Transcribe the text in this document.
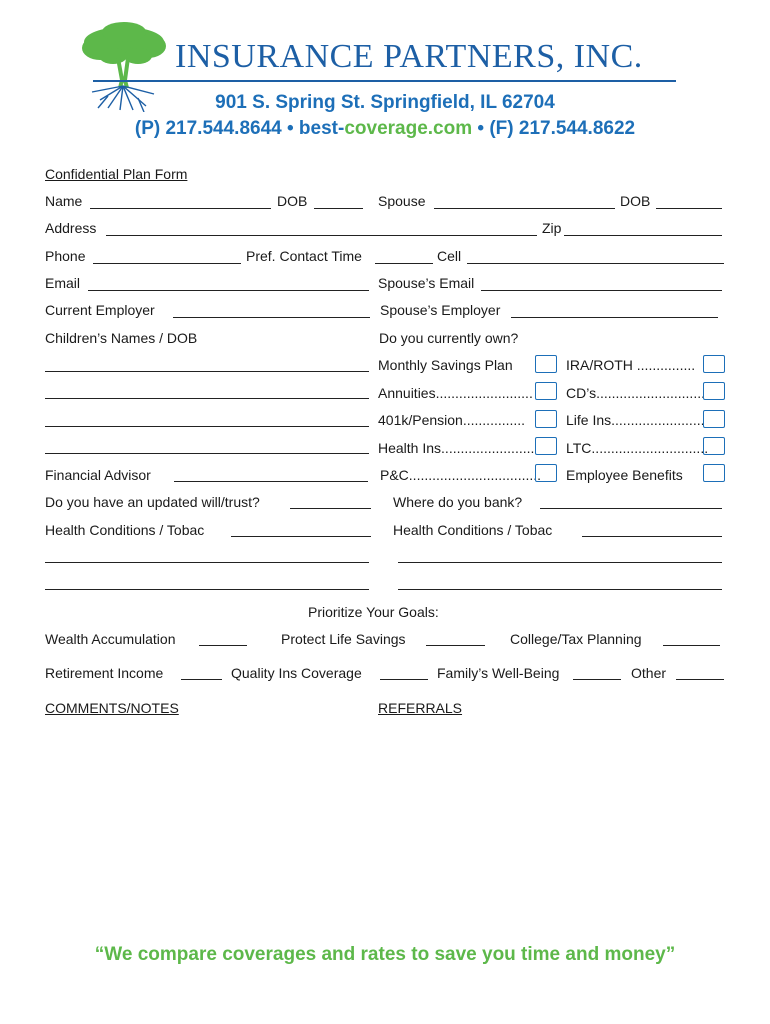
INSURANCE PARTNERS, INC.
901 S. Spring St. Springfield, IL 62704
(P) 217.544.8644 • best-coverage.com • (F) 217.544.8622
Confidential Plan Form
Name	DOB	Spouse	DOB
Address	Zip
Phone	Pref. Contact Time	Cell
Email	Spouse’s Email
Current Employer	Spouse’s Employer
Children’s Names / DOB	Do you currently own?
Monthly Savings Plan	IRA/ROTH ...............
Annuities......................... CD’s............................
401k/Pension................	Life Ins........................
Health Ins........................ LTC..............................
Financial Advisor	P&C.................................. Employee Benefits
Do you have an updated will/trust?	Where do you bank?
Health Conditions / Tobac	Health Conditions / Tobac
Prioritize Your Goals:
Wealth Accumulation	Protect Life Savings	College/Tax Planning
Retirement Income	Quality Ins Coverage	Family’s Well-Being	Other
COMMENTS/NOTES	REFERRALS
“We compare coverages and rates to save you time and money”
